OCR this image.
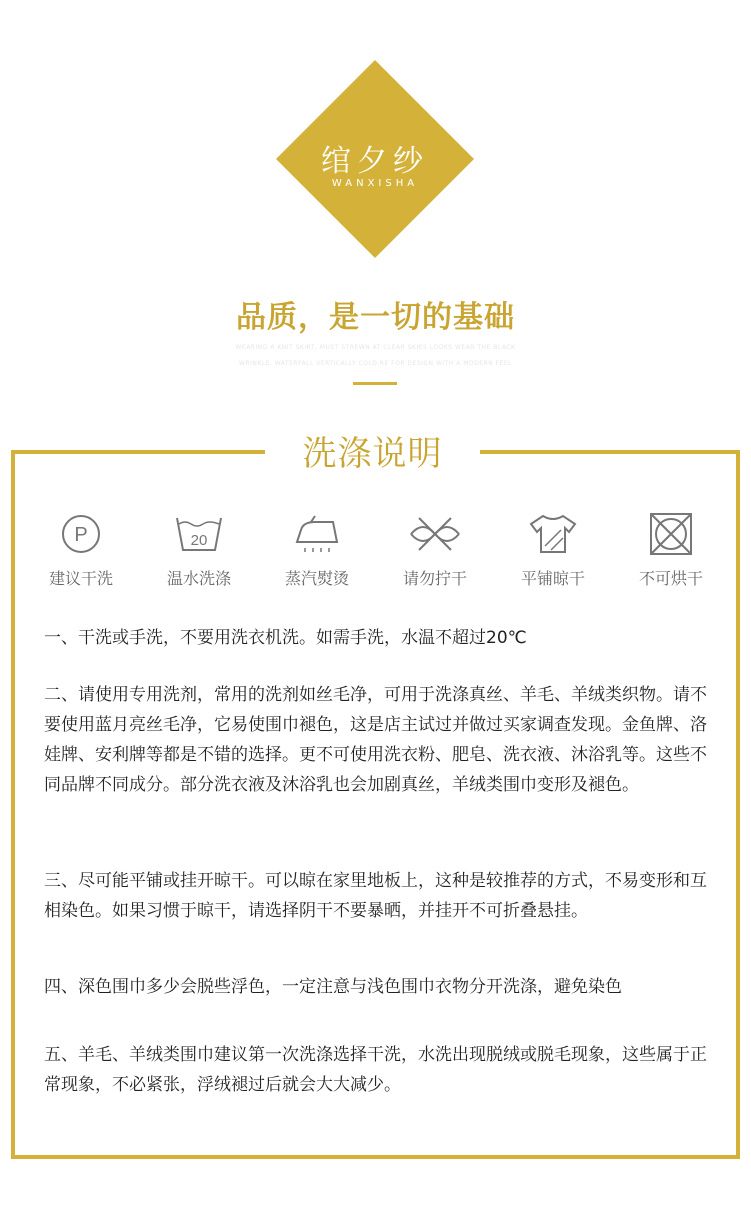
绾夕纱
WANXISHA
品质，是一切的基础
WEARING A KNIT SKIRT, MUST STREWN AT CLEAR SKIES LOOKS WEAR THE BLACK
WRINKLE, WATERFALL VERTICALLY COLD RE FOR DESIGN WITH A MODERN FEEL
洗涤说明
P
建议干洗
20
温水洗涤	蒸汽熨烫	请勿拧干	平铺晾干	不可烘干
一、干洗或手洗，不要用洗衣机洗。如需手洗，水温不超过20℃
二、请使用专用洗剂，常用的洗剂如丝毛净，可用于洗涤真丝、羊毛、羊绒类织物。请不要使用蓝月亮丝毛净，它易使围巾褪色，这是店主试过并做过买家调查发现。金鱼牌、洛娃牌、安利牌等都是不错的选择。更不可使用洗衣粉、肥皂、洗衣液、沐浴乳等。这些不同品牌不同成分。部分洗衣液及沐浴乳也会加剧真丝，羊绒类围巾变形及褪色。
三、尽可能平铺或挂开晾干。可以晾在家里地板上，这种是较推荐的方式，不易变形和互相染色。如果习惯于晾干，请选择阴干不要暴晒，并挂开不可折叠悬挂。
四、深色围巾多少会脱些浮色，一定注意与浅色围巾衣物分开洗涤，避免染色
五、羊毛、羊绒类围巾建议第一次洗涤选择干洗，水洗出现脱绒或脱毛现象，这些属于正常现象，不必紧张，浮绒褪过后就会大大减少。
